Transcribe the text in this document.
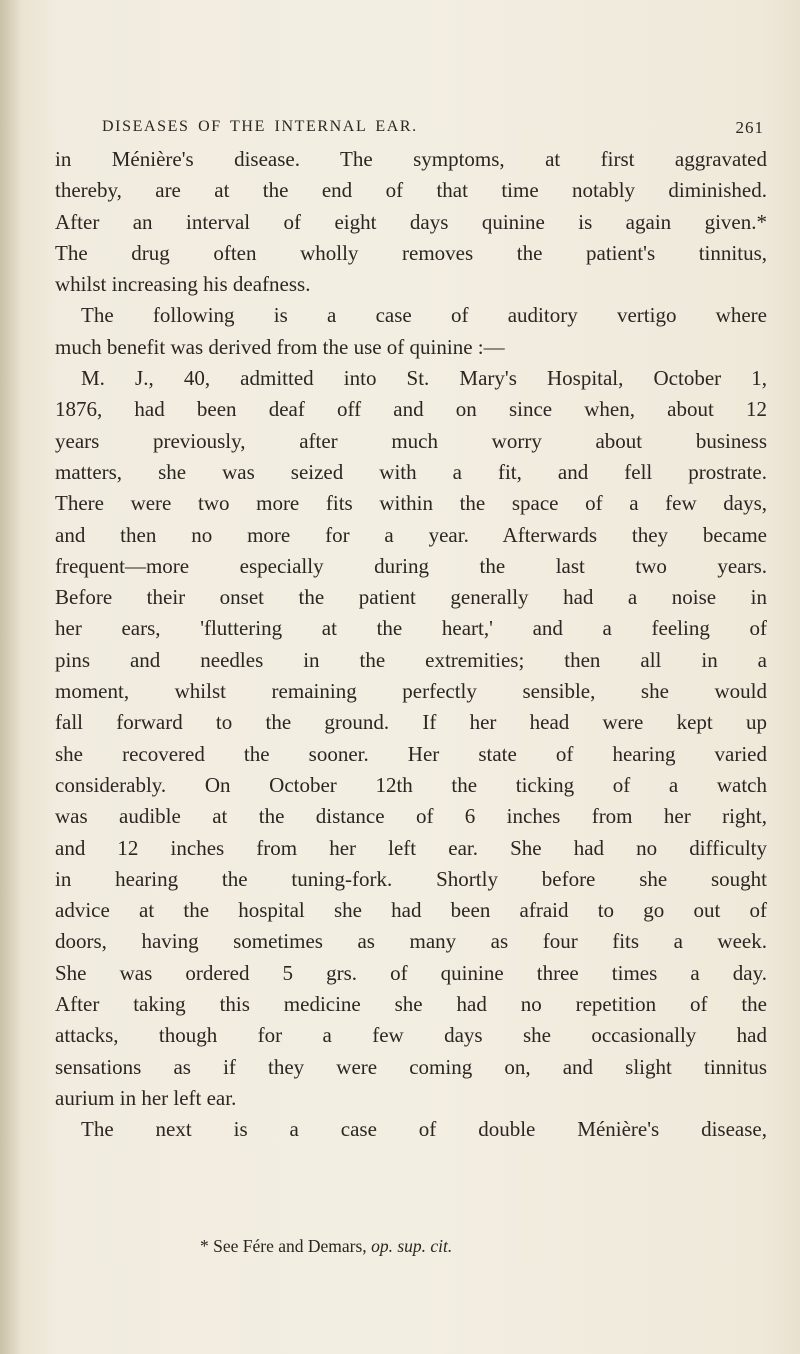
DISEASES OF THE INTERNAL EAR.	261
in Ménière's disease. The symptoms, at first aggravated
thereby, are at the end of that time notably diminished.
After an interval of eight days quinine is again given.*
The drug often wholly removes the patient's tinnitus,
whilst increasing his deafness.
The following is a case of auditory vertigo where
much benefit was derived from the use of quinine :—
M. J., 40, admitted into St. Mary's Hospital, October 1,
1876, had been deaf off and on since when, about 12
years previously, after much worry about business
matters, she was seized with a fit, and fell prostrate.
There were two more fits within the space of a few days,
and then no more for a year. Afterwards they became
frequent—more especially during the last two years.
Before their onset the patient generally had a noise in
her ears, 'fluttering at the heart,' and a feeling of
pins and needles in the extremities; then all in a
moment, whilst remaining perfectly sensible, she would
fall forward to the ground. If her head were kept up
she recovered the sooner. Her state of hearing varied
considerably. On October 12th the ticking of a watch
was audible at the distance of 6 inches from her right,
and 12 inches from her left ear. She had no difficulty
in hearing the tuning-fork. Shortly before she sought
advice at the hospital she had been afraid to go out of
doors, having sometimes as many as four fits a week.
She was ordered 5 grs. of quinine three times a day.
After taking this medicine she had no repetition of the
attacks, though for a few days she occasionally had
sensations as if they were coming on, and slight tinnitus
aurium in her left ear.
The next is a case of double Ménière's disease,
* See Fére and Demars, op. sup. cit.
